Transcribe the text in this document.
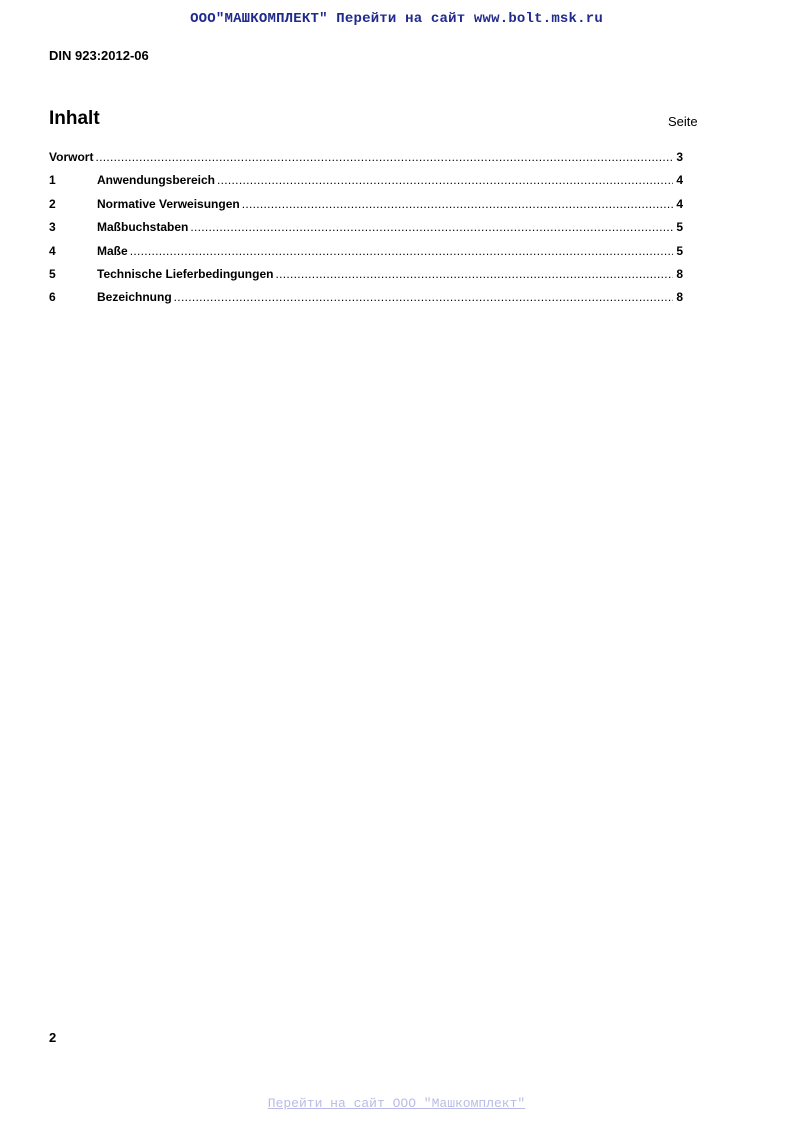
ООО"МАШКОМПЛЕКТ" Перейти на сайт www.bolt.msk.ru
DIN 923:2012-06
Inhalt	Seite
Vorwort .....	3
1	Anwendungsbereich .....	4
2	Normative Verweisungen .....	4
3	Maßbuchstaben .....	5
4	Maße .....	5
5	Technische Lieferbedingungen .....	8
6	Bezeichnung .....	8
2
Перейти на сайт ООО "Машкомплект"
